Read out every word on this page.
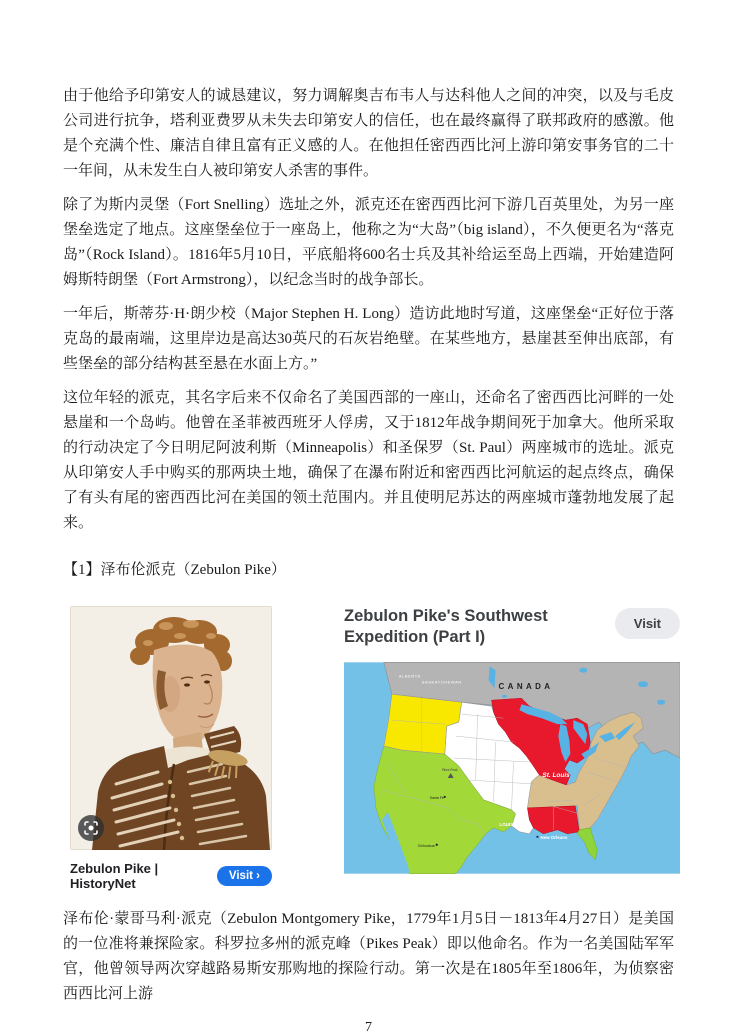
由于他给予印第安人的诚恳建议，努力调解奥吉布韦人与达科他人之间的冲突，以及与毛皮公司进行抗争，塔利亚费罗从未失去印第安人的信任，也在最终赢得了联邦政府的感激。他是个充满个性、廉洁自律且富有正义感的人。在他担任密西西比河上游印第安事务官的二十一年间，从未发生白人被印第安人杀害的事件。

除了为斯内灵堡（Fort Snelling）选址之外，派克还在密西西比河下游几百英里处，为另一座堡垒选定了地点。这座堡垒位于一座岛上，他称之为“大岛”（big island），不久便更名为“落克岛”（Rock Island）。1816年5月10日，平底船将600名士兵及其补给运至岛上西端，开始建造阿姆斯特朗堡（Fort Armstrong），以纪念当时的战争部长。

一年后，斯蒂芬·H·朗少校（Major Stephen H. Long）造访此地时写道，这座堡垒“正好位于落克岛的最南端，这里岸边是高达30英尺的石灰岩绝壁。在某些地方，悬崖甚至伸出底部，有些堡垒的部分结构甚至悬在水面上方。”

这位年轻的派克，其名字后来不仅命名了美国西部的一座山，还命名了密西西比河畔的一处悬崖和一个岛屿。他曾在圣菲被西班牙人俘虏，又于1812年战争期间死于加拿大。他所采取的行动决定了今日明尼阿波利斯（Minneapolis）和圣保罗（St. Paul）两座城市的选址。派克从印第安人手中购买的那两块土地，确保了在瀑布附近和密西西比河航运的起点终点，确保了有头有尾的密西西比河在美国的领土范围内。并且使明尼苏达的两座城市蓬勃地发展了起来。

【1】泽布伦派克（Zebulon Pike）
Zebulon Pike | HistoryNet	Visit ›
Zebulon Pike's Southwest
Expedition (Part I)
Visit
ALBERTA
SASKATCHEWAN	CANADA
Pikes Peak
St. Louis
Santa Fe
Chihuahua
LOUISIANA
New Orleans

泽布伦·蒙哥马利·派克（Zebulon Montgomery Pike，1779年1月5日－1813年4月27日）是美国的一位准将兼探险家。科罗拉多州的派克峰（Pikes Peak）即以他命名。作为一名美国陆军军官，他曾领导两次穿越路易斯安那购地的探险行动。第一次是在1805年至1806年，为侦察密西西比河上游

7
